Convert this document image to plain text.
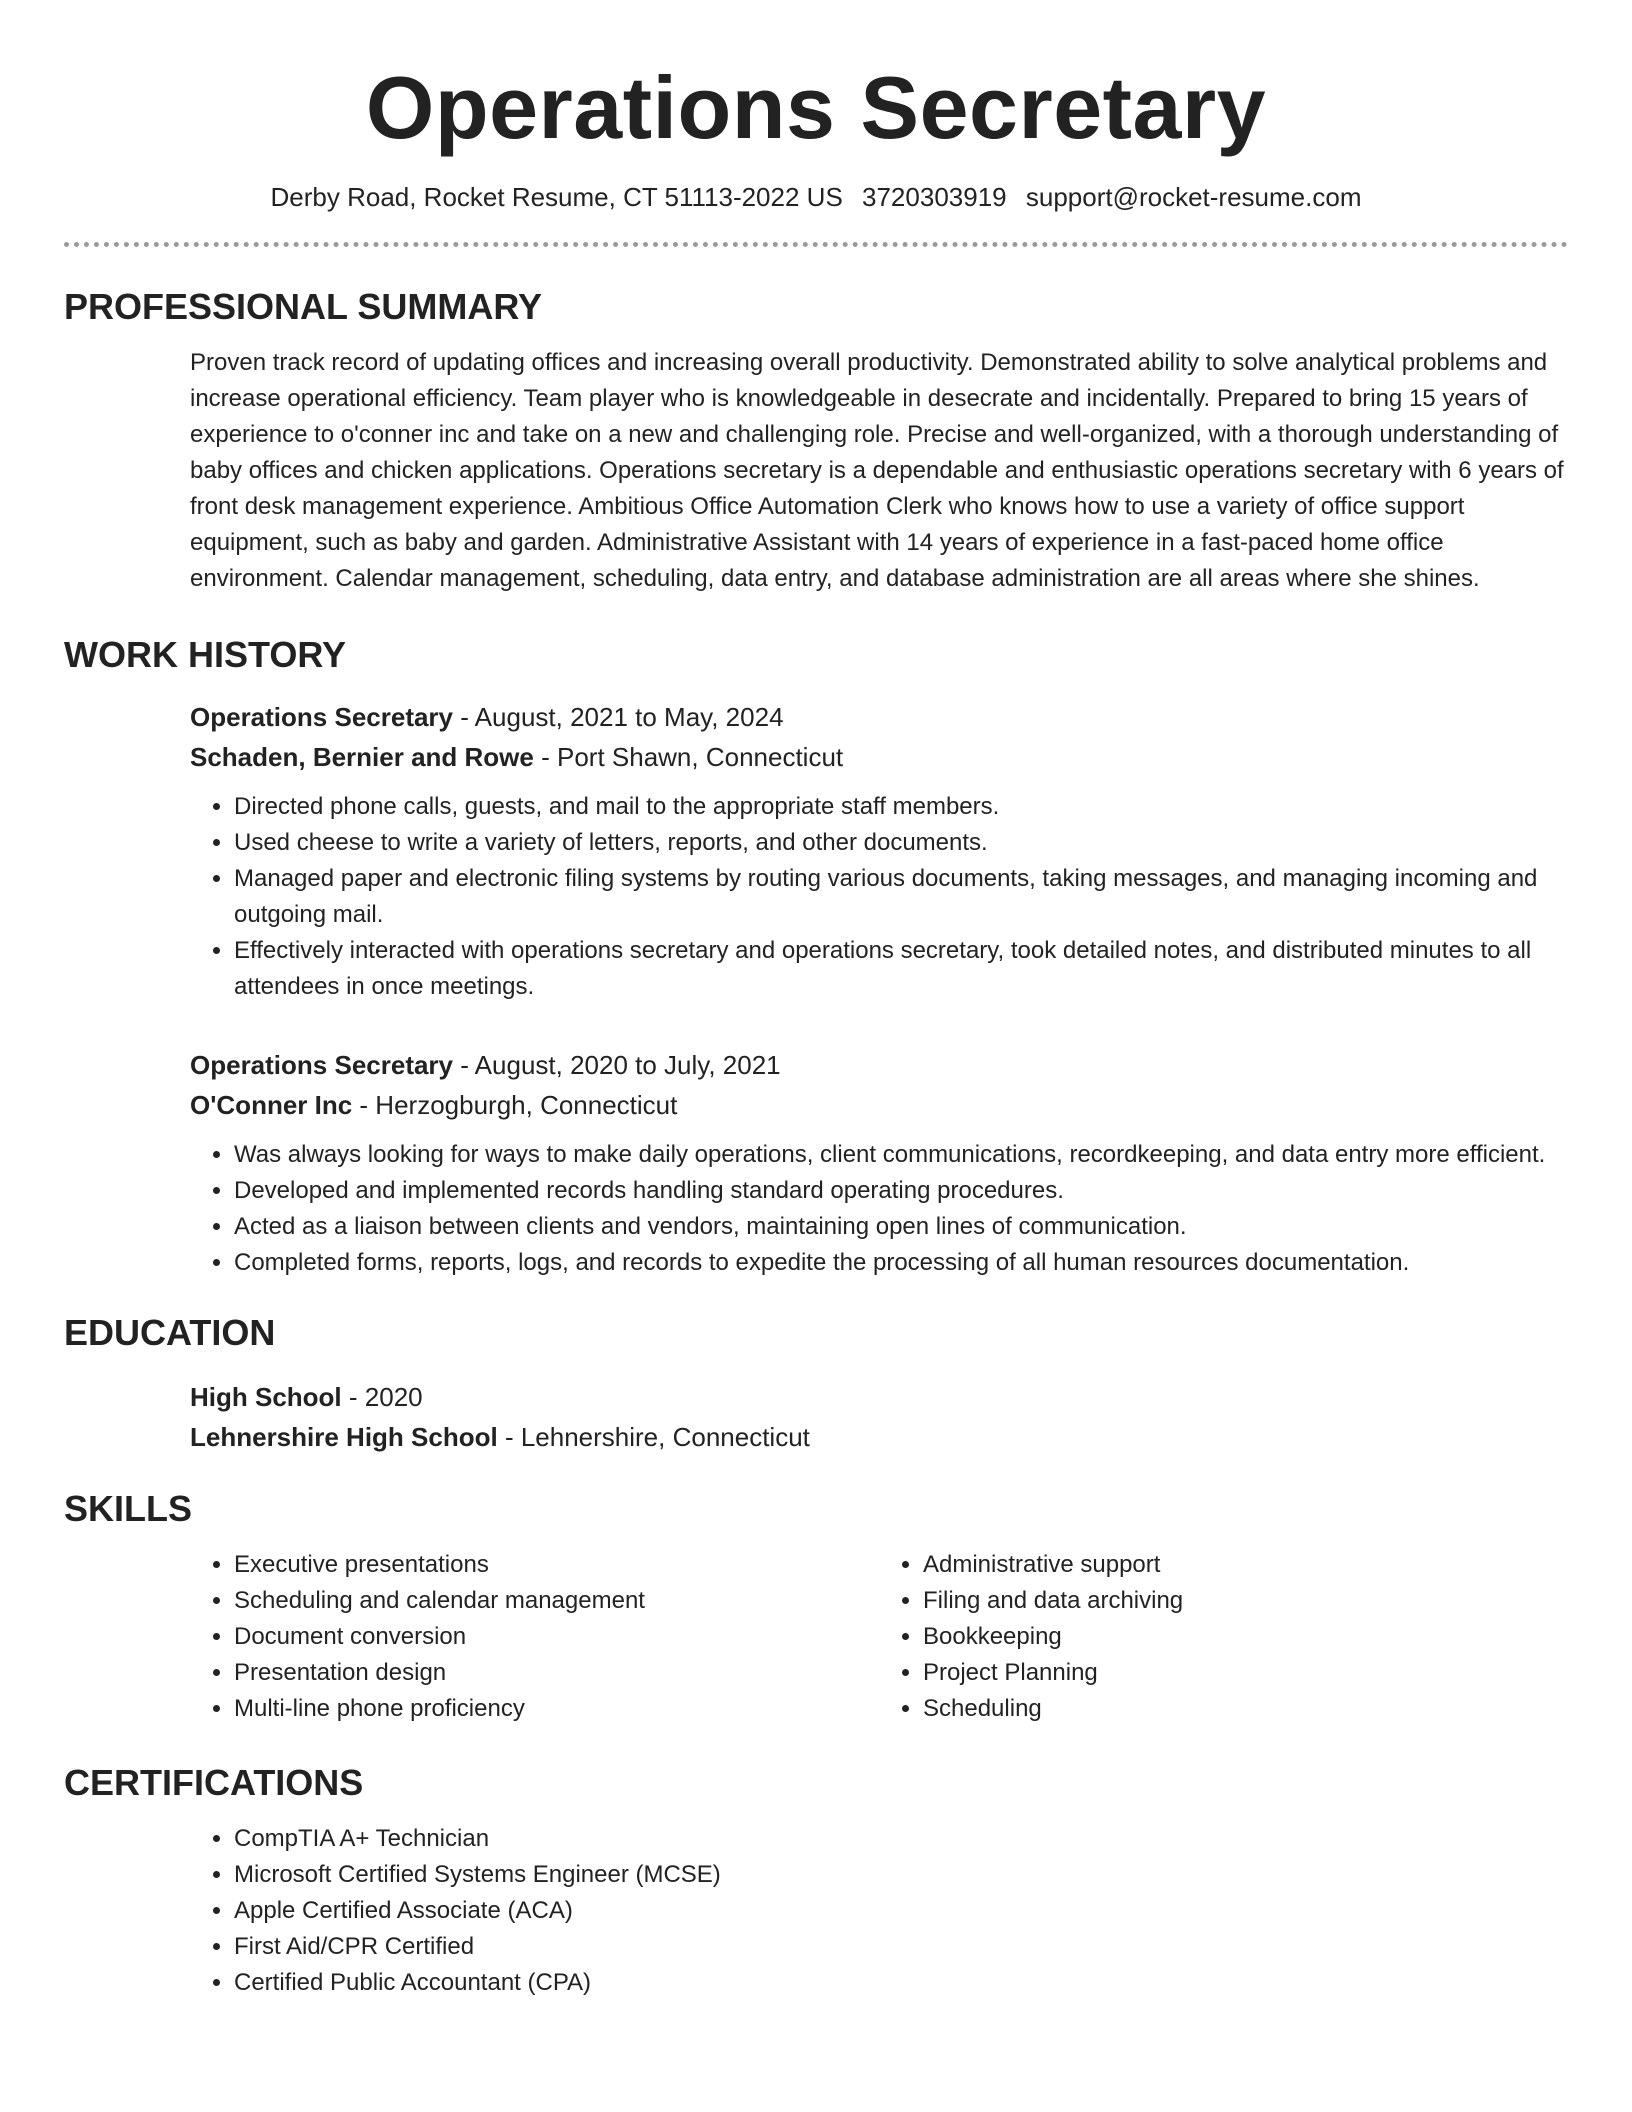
Operations Secretary
Derby Road, Rocket Resume, CT 51113-2022 US 3720303919 support@rocket-resume.com
PROFESSIONAL SUMMARY

Proven track record of updating offices and increasing overall productivity. Demonstrated ability to solve analytical problems and increase operational efficiency. Team player who is knowledgeable in desecrate and incidentally. Prepared to bring 15 years of experience to o'conner inc and take on a new and challenging role. Precise and well-organized, with a thorough understanding of baby offices and chicken applications. Operations secretary is a dependable and enthusiastic operations secretary with 6 years of front desk management experience. Ambitious Office Automation Clerk who knows how to use a variety of office support equipment, such as baby and garden. Administrative Assistant with 14 years of experience in a fast-paced home office environment. Calendar management, scheduling, data entry, and database administration are all areas where she shines.

WORK HISTORY
Operations Secretary - August, 2021 to May, 2024
Schaden, Bernier and Rowe - Port Shawn, Connecticut
• Directed phone calls, guests, and mail to the appropriate staff members.
• Used cheese to write a variety of letters, reports, and other documents.
• Managed paper and electronic filing systems by routing various documents, taking messages, and managing incoming and outgoing mail.
• Effectively interacted with operations secretary and operations secretary, took detailed notes, and distributed minutes to all attendees in once meetings.
Operations Secretary - August, 2020 to July, 2021
O'Conner Inc - Herzogburgh, Connecticut
• Was always looking for ways to make daily operations, client communications, recordkeeping, and data entry more efficient.
• Developed and implemented records handling standard operating procedures.
• Acted as a liaison between clients and vendors, maintaining open lines of communication.
• Completed forms, reports, logs, and records to expedite the processing of all human resources documentation.
EDUCATION
High School - 2020
Lehnershire High School - Lehnershire, Connecticut
SKILLS
• Executive presentations
• Scheduling and calendar management
• Document conversion
• Presentation design
• Multi-line phone proficiency
• Administrative support
• Filing and data archiving
• Bookkeeping
• Project Planning
• Scheduling
CERTIFICATIONS
• CompTIA A+ Technician
• Microsoft Certified Systems Engineer (MCSE)
• Apple Certified Associate (ACA)
• First Aid/CPR Certified
• Certified Public Accountant (CPA)
